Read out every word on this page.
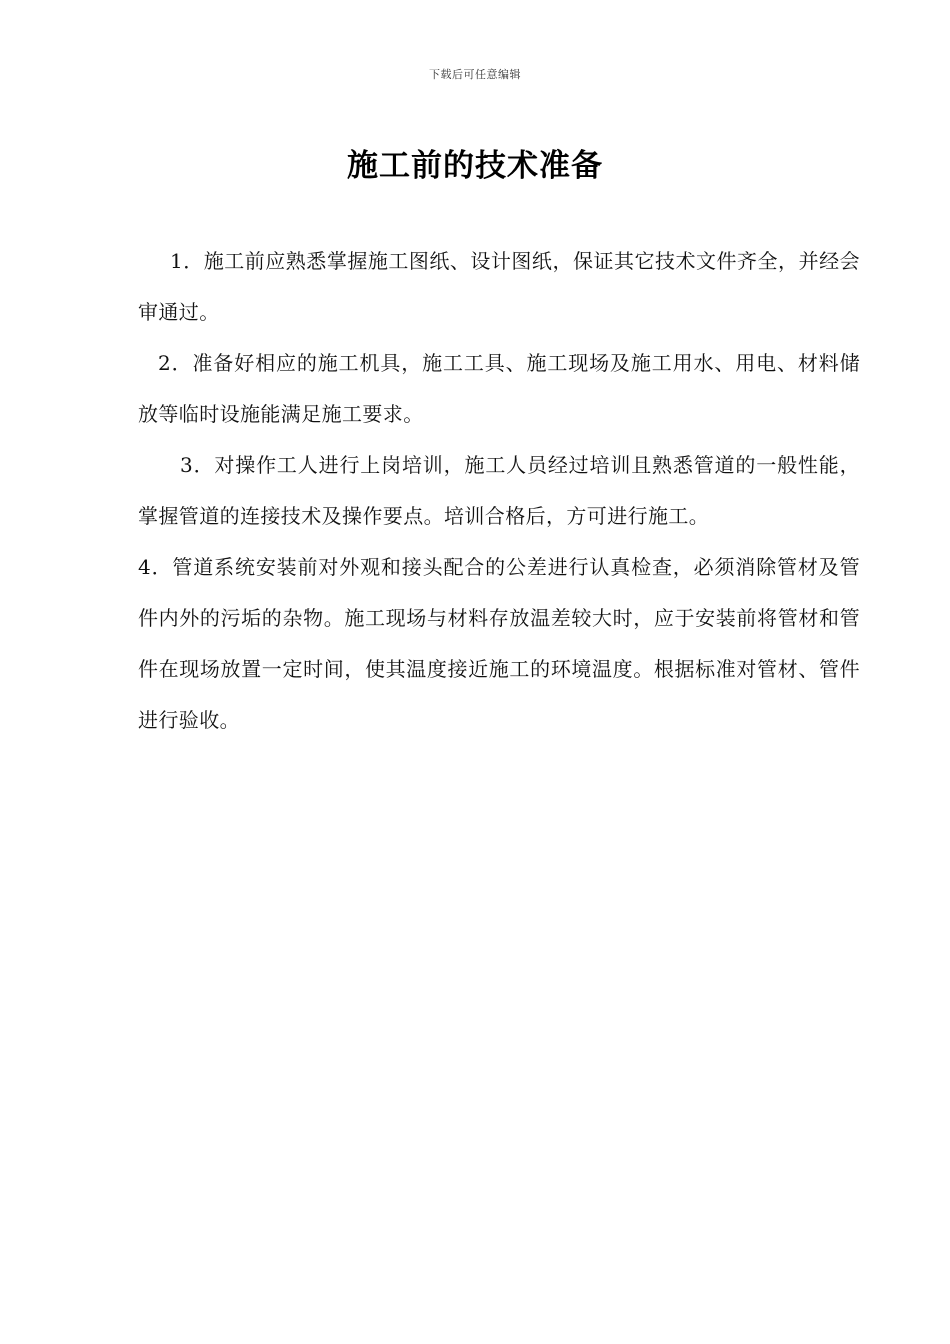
下载后可任意编辑
施工前的技术准备

1．施工前应熟悉掌握施工图纸、设计图纸，保证其它技术文件齐全，并经会审通过。

2．准备好相应的施工机具，施工工具、施工现场及施工用水、用电、材料储放等临时设施能满足施工要求。

3．对操作工人进行上岗培训，施工人员经过培训且熟悉管道的一般性能，掌握管道的连接技术及操作要点。培训合格后，方可进行施工。

4．管道系统安装前对外观和接头配合的公差进行认真检查，必须消除管材及管件内外的污垢的杂物。施工现场与材料存放温差较大时，应于安装前将管材和管件在现场放置一定时间，使其温度接近施工的环境温度。根据标准对管材、管件进行验收。
